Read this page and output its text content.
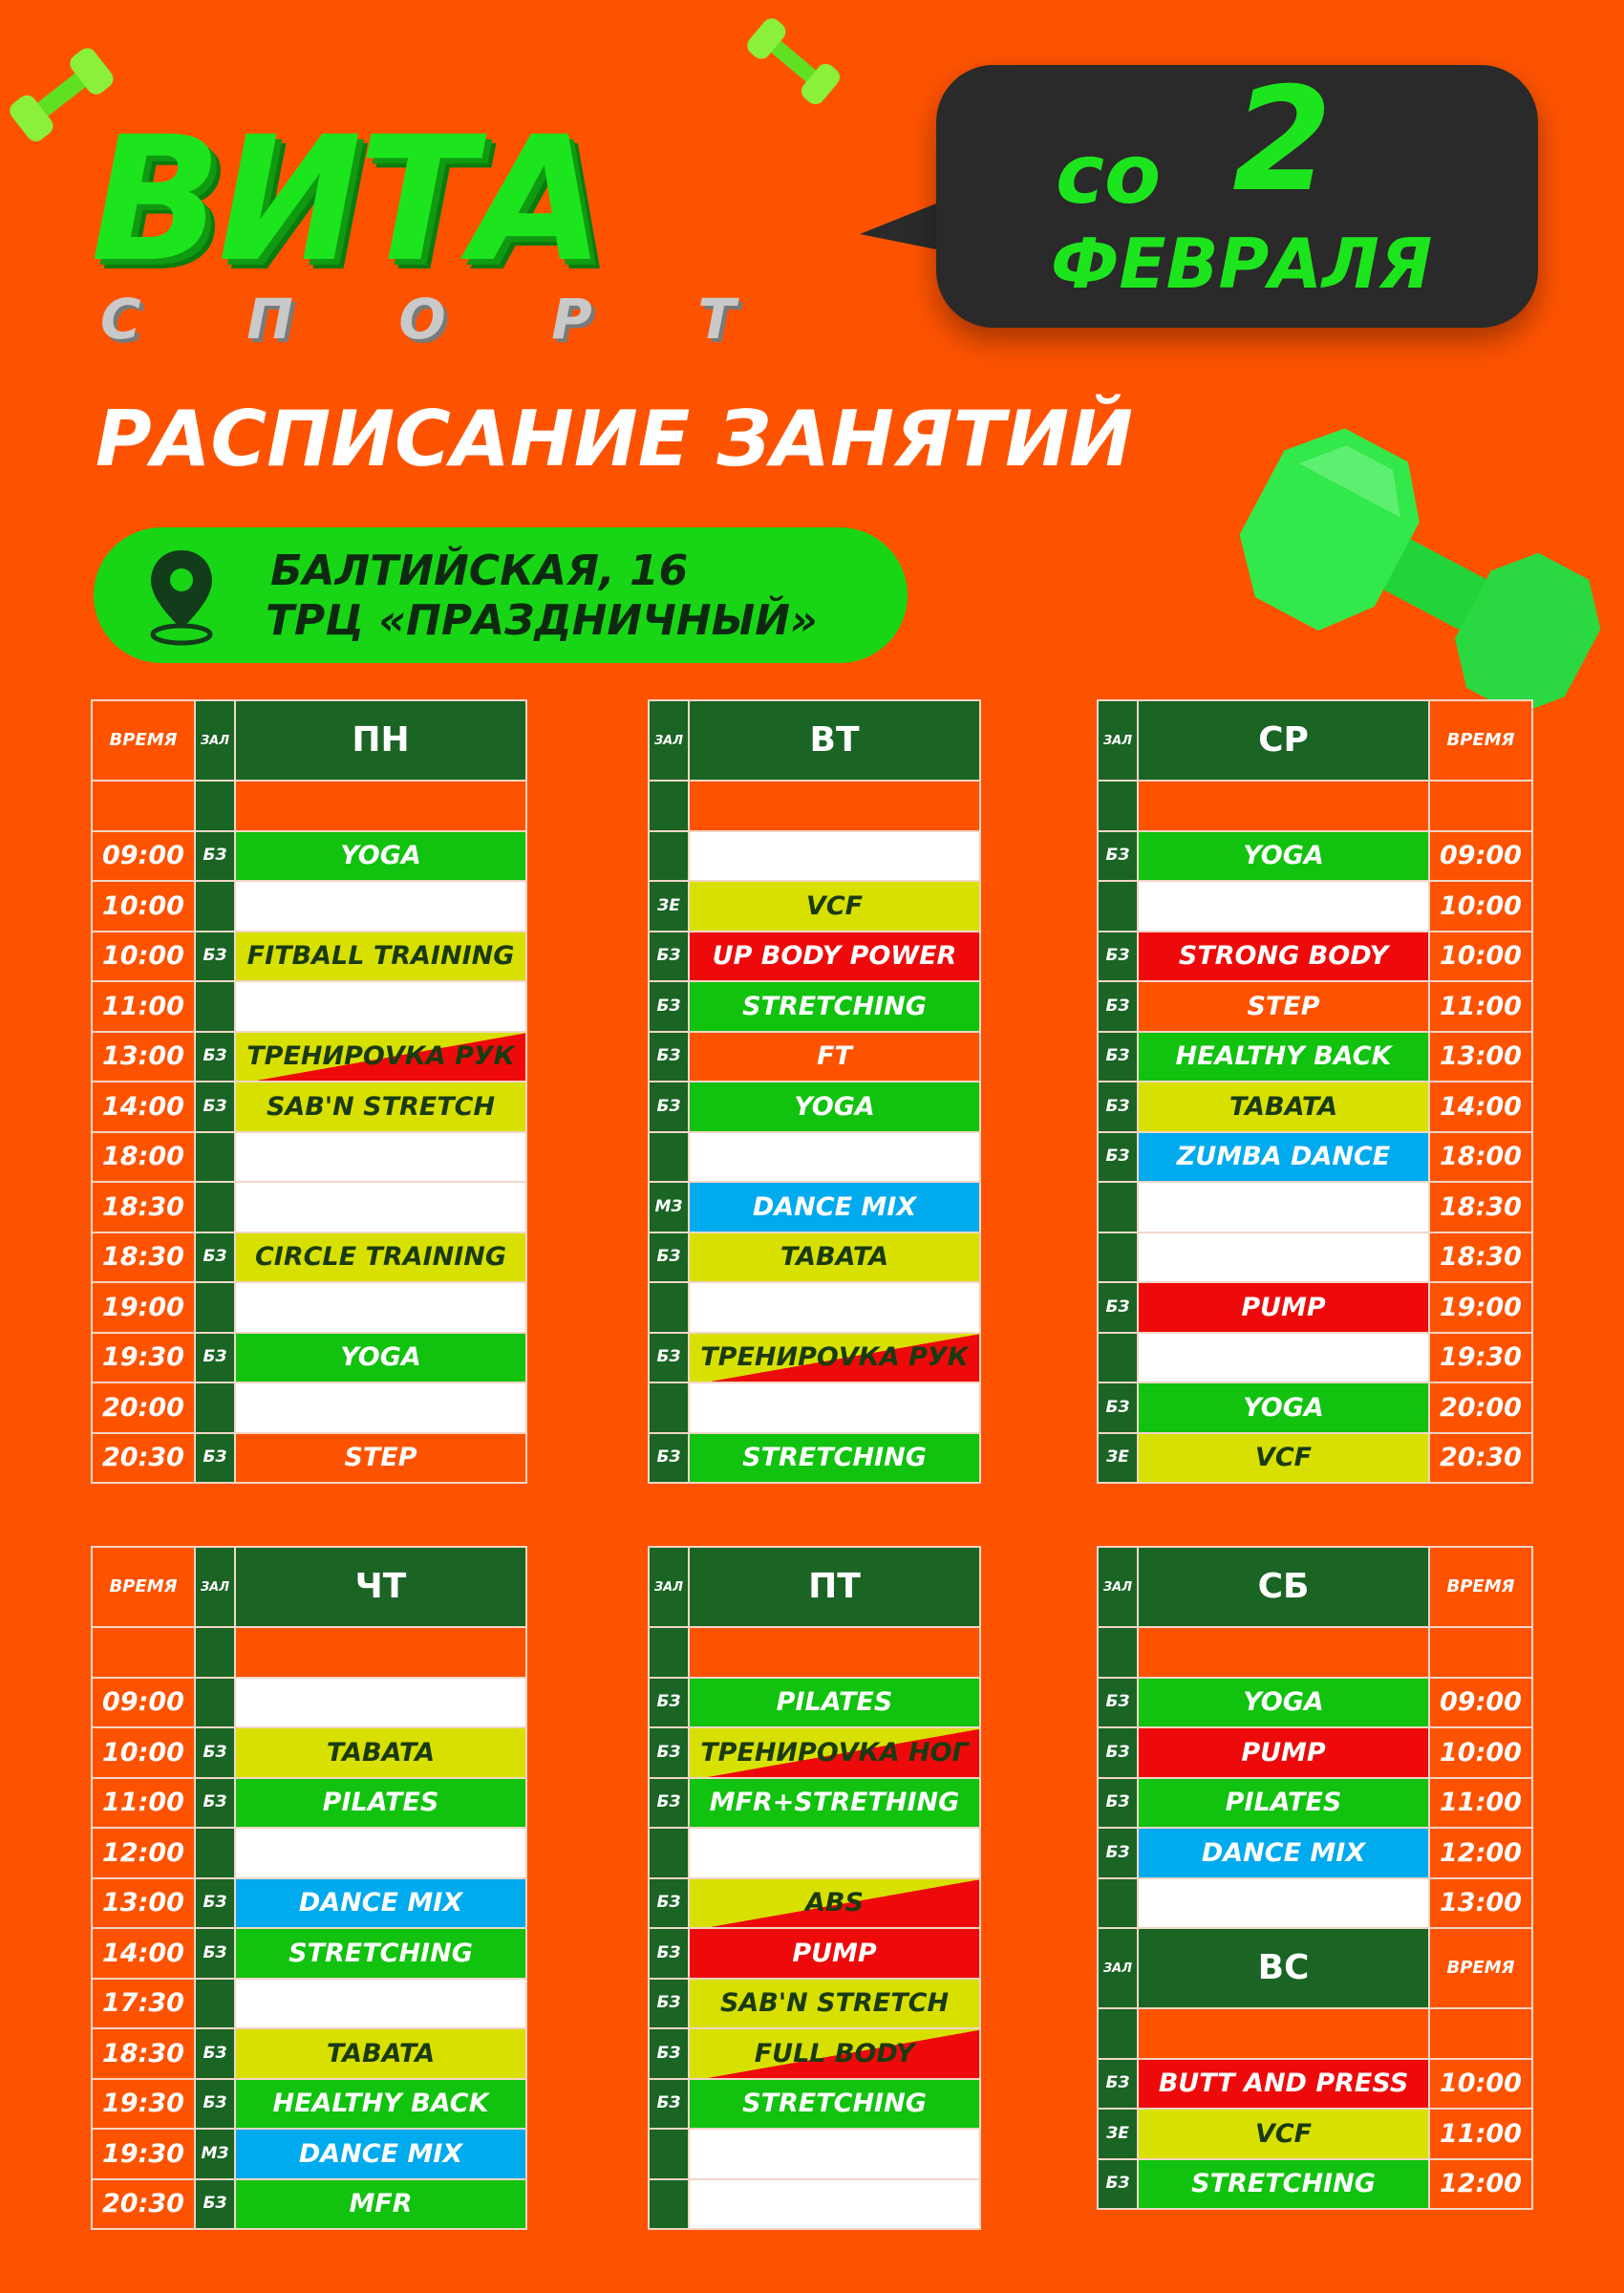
ВИТА
С П О Р Т
со 2
ФЕВРАЛЯ
РАСПИСАНИЕ ЗАНЯТИЙ
БАЛТИЙСКАЯ, 16
ТРЦ «ПРАЗДНИЧНЫЙ»
ВРЕМЯ	ЗАЛ	ПН

09:00	БЗ	YOGA
10:00		
10:00	БЗ	FITBALL TRAINING
11:00		
13:00	БЗ	ТРЕНИРОVКА РУК
14:00	БЗ	SAB'N STRETCH
18:00		
18:30		
18:30	БЗ	CIRCLE TRAINING
19:00		
19:30	БЗ	YOGA
20:00		
20:30	БЗ	STEP
ЗАЛ	ВТ

ЗЕ	VCF
БЗ	UP BODY POWER
БЗ	STRETCHING
БЗ	FT
БЗ	YOGA

МЗ	DANCE MIX
БЗ	TABATA

БЗ	ТРЕНИРОVКА РУК

БЗ	STRETCHING
ЗАЛ	СР	ВРЕМЯ

БЗ	YOGA	09:00
		10:00
БЗ	STRONG BODY	10:00
БЗ	STEP	11:00
БЗ	HEALTHY BACK	13:00
БЗ	TABATA	14:00
БЗ	ZUMBA DANCE	18:00
		18:30
		18:30
БЗ	PUMP	19:00
		19:30
БЗ	YOGA	20:00
ЗЕ	VCF	20:30
ВРЕМЯ	ЗАЛ	ЧТ

09:00		
10:00	БЗ	TABATA
11:00	БЗ	PILATES
12:00		
13:00	БЗ	DANCE MIX
14:00	БЗ	STRETCHING
17:30		
18:30	БЗ	TABATA
19:30	БЗ	HEALTHY BACK
19:30	МЗ	DANCE MIX
20:30	БЗ	MFR
ЗАЛ	ПТ

БЗ	PILATES
БЗ	ТРЕНИРОVКА НОГ
БЗ	MFR+STRETHING

БЗ	ABS
БЗ	PUMP
БЗ	SAB'N STRETCH
БЗ	FULL BODY
БЗ	STRETCHING

ЗАЛ	СБ	ВРЕМЯ

БЗ	YOGA	09:00
БЗ	PUMP	10:00
БЗ	PILATES	11:00
БЗ	DANCE MIX	12:00
		13:00
ЗАЛ	ВС	ВРЕМЯ

БЗ	BUTT AND PRESS	10:00
ЗЕ	VCF	11:00
БЗ	STRETCHING	12:00
